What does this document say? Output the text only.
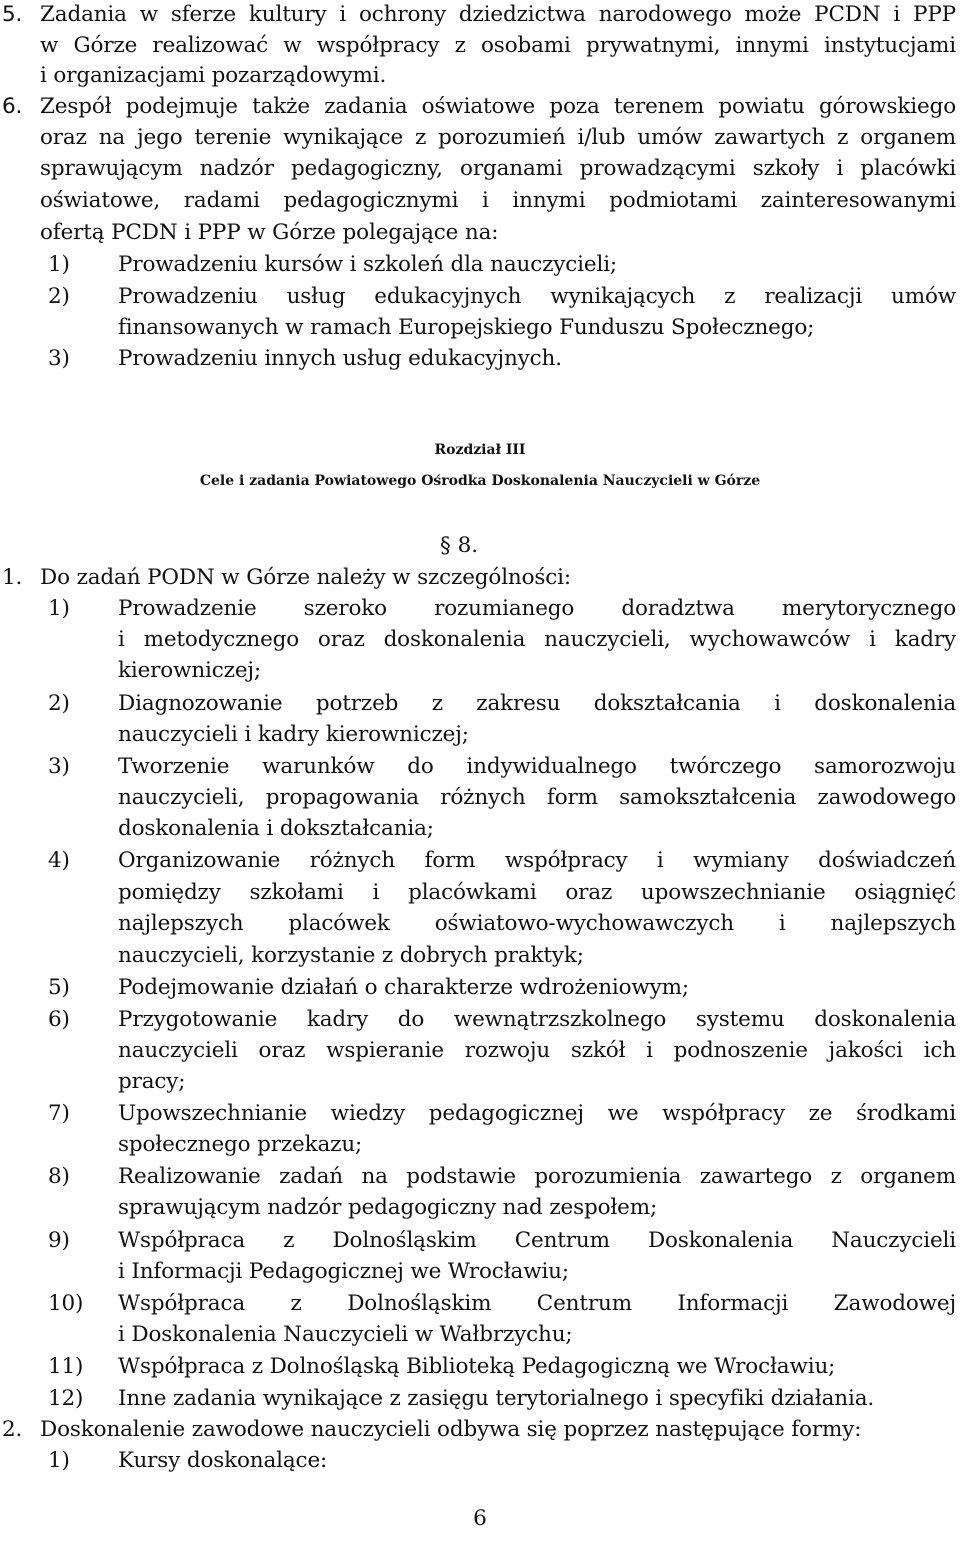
5. Zadania w sferze kultury i ochrony dziedzictwa narodowego może PCDN i PPP
w Górze realizować w współpracy z osobami prywatnymi, innymi instytucjami
i organizacjami pozarządowymi.
6. Zespół podejmuje także zadania oświatowe poza terenem powiatu górowskiego
oraz na jego terenie wynikające z porozumień i/lub umów zawartych z organem
sprawującym nadzór pedagogiczny, organami prowadzącymi szkoły i placówki
oświatowe, radami pedagogicznymi i innymi podmiotami zainteresowanymi
ofertą PCDN i PPP w Górze polegające na:
1) Prowadzeniu kursów i szkoleń dla nauczycieli;
2) Prowadzeniu usług edukacyjnych wynikających z realizacji umów
finansowanych w ramach Europejskiego Funduszu Społecznego;
3) Prowadzeniu innych usług edukacyjnych.
Rozdział III
Cele i zadania Powiatowego Ośrodka Doskonalenia Nauczycieli w Górze
§ 8.
1. Do zadań PODN w Górze należy w szczególności:
1) Prowadzenie szeroko rozumianego doradztwa merytorycznego
i metodycznego oraz doskonalenia nauczycieli, wychowawców i kadry
kierowniczej;
2) Diagnozowanie potrzeb z zakresu dokształcania i doskonalenia
nauczycieli i kadry kierowniczej;
3) Tworzenie warunków do indywidualnego twórczego samorozwoju
nauczycieli, propagowania różnych form samokształcenia zawodowego
doskonalenia i dokształcania;
4) Organizowanie różnych form współpracy i wymiany doświadczeń
pomiędzy szkołami i placówkami oraz upowszechnianie osiągnięć
najlepszych placówek oświatowo-wychowawczych i najlepszych
nauczycieli, korzystanie z dobrych praktyk;
5) Podejmowanie działań o charakterze wdrożeniowym;
6) Przygotowanie kadry do wewnątrzszkolnego systemu doskonalenia
nauczycieli oraz wspieranie rozwoju szkół i podnoszenie jakości ich
pracy;
7) Upowszechnianie wiedzy pedagogicznej we współpracy ze środkami
społecznego przekazu;
8) Realizowanie zadań na podstawie porozumienia zawartego z organem
sprawującym nadzór pedagogiczny nad zespołem;
9) Współpraca z Dolnośląskim Centrum Doskonalenia Nauczycieli
i Informacji Pedagogicznej we Wrocławiu;
10) Współpraca z Dolnośląskim Centrum Informacji Zawodowej
i Doskonalenia Nauczycieli w Wałbrzychu;
11) Współpraca z Dolnośląską Biblioteką Pedagogiczną we Wrocławiu;
12) Inne zadania wynikające z zasięgu terytorialnego i specyfiki działania.
2. Doskonalenie zawodowe nauczycieli odbywa się poprzez następujące formy:
1) Kursy doskonalące:
6
